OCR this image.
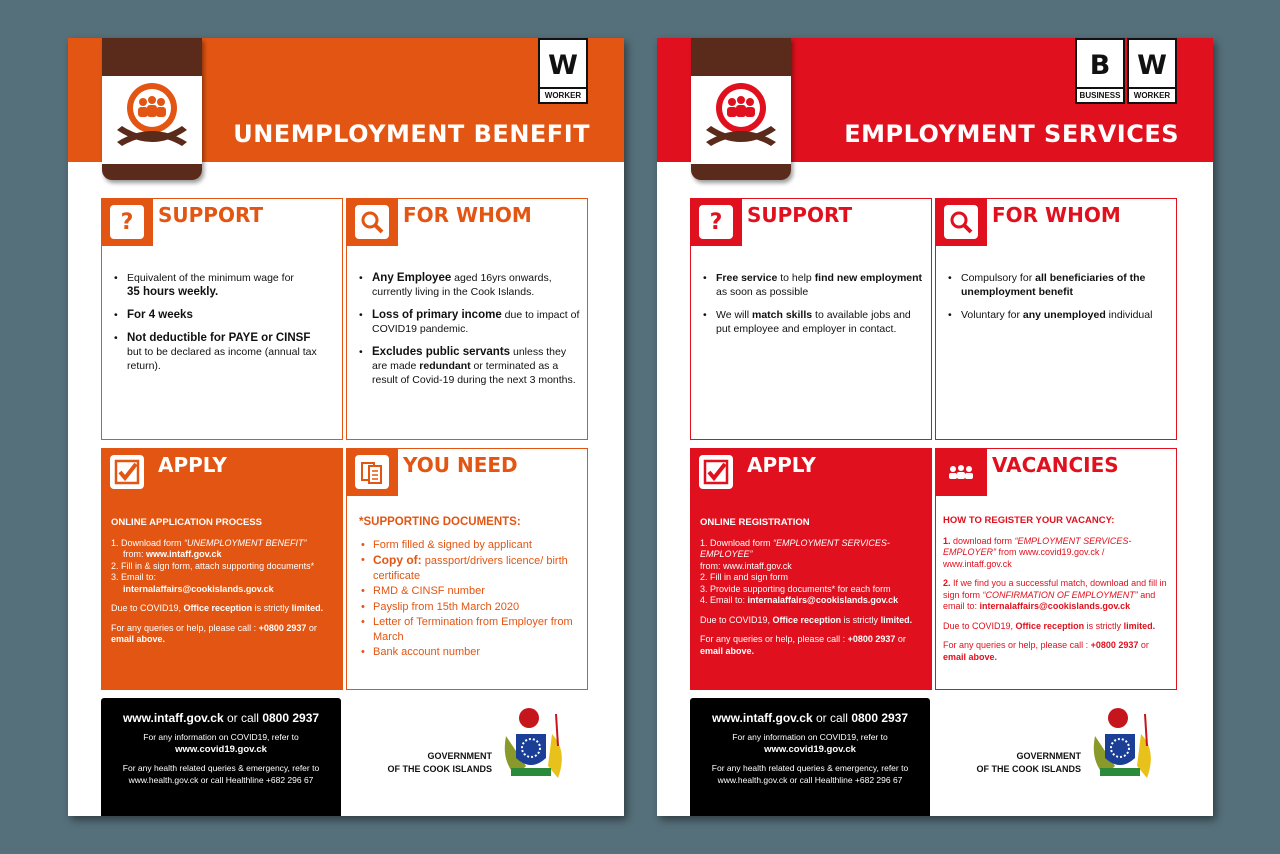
W
WORKER
UNEMPLOYMENT BENEFIT
? SUPPORT
• Equivalent of the minimum wage for
35 hours weekly.
• For 4 weeks
• Not deductible for PAYE or CINSF
but to be declared as income (annual tax return).
FOR WHOM
• Any Employee aged 16yrs onwards, currently living in the Cook Islands.
• Loss of primary income due to impact of COVID19 pandemic.
• Excludes public servants unless they are made redundant or terminated as a result of Covid-19 during the next 3 months.
APPLY
ONLINE APPLICATION PROCESS
1. Download form “UNEMPLOYMENT BENEFIT”
from: www.intaff.gov.ck
2. Fill in & sign form, attach supporting documents*
3. Email to:
internalaffairs@cookislands.gov.ck
Due to COVID19, Office reception is strictly limited.
For any queries or help, please call : +0800 2937 or
email above.
YOU NEED
*SUPPORTING DOCUMENTS:
• Form filled & signed by applicant
• Copy of: passport/drivers licence/ birth certificate
• RMD & CINSF number
• Payslip from 15th March 2020
• Letter of Termination from Employer from March
• Bank account number
www.intaff.gov.ck or call 0800 2937
For any information on COVID19, refer to
www.covid19.gov.ck
For any health related queries & emergency, refer to
www.health.gov.ck or call Healthline +682 296 67
GOVERNMENT
OF THE COOK ISLANDS
B
BUSINESS
W
WORKER
EMPLOYMENT SERVICES
? SUPPORT
• Free service to help find new employment as soon as possible
• We will match skills to available jobs and put employee and employer in contact.
FOR WHOM
• Compulsory for all beneficiaries of the unemployment benefit
• Voluntary for any unemployed individual
APPLY
ONLINE REGISTRATION
1. Download form “EMPLOYMENT SERVICES-EMPLOYEE”
from: www.intaff.gov.ck
2. Fill in and sign form
3. Provide supporting documents* for each form
4. Email to: internalaffairs@cookislands.gov.ck
Due to COVID19, Office reception is strictly limited.
For any queries or help, please call : +0800 2937 or
email above.
VACANCIES
HOW TO REGISTER YOUR VACANCY:
1. download form “EMPLOYMENT SERVICES-EMPLOYER” from www.covid19.gov.ck / www.intaff.gov.ck
2. If we find you a successful match, download and fill in sign form “CONFIRMATION OF EMPLOYMENT” and email to: internalaffairs@cookislands.gov.ck
Due to COVID19, Office reception is strictly limited.
For any queries or help, please call : +0800 2937 or
email above.
www.intaff.gov.ck or call 0800 2937
For any information on COVID19, refer to
www.covid19.gov.ck
For any health related queries & emergency, refer to
www.health.gov.ck or call Healthline +682 296 67
GOVERNMENT
OF THE COOK ISLANDS
